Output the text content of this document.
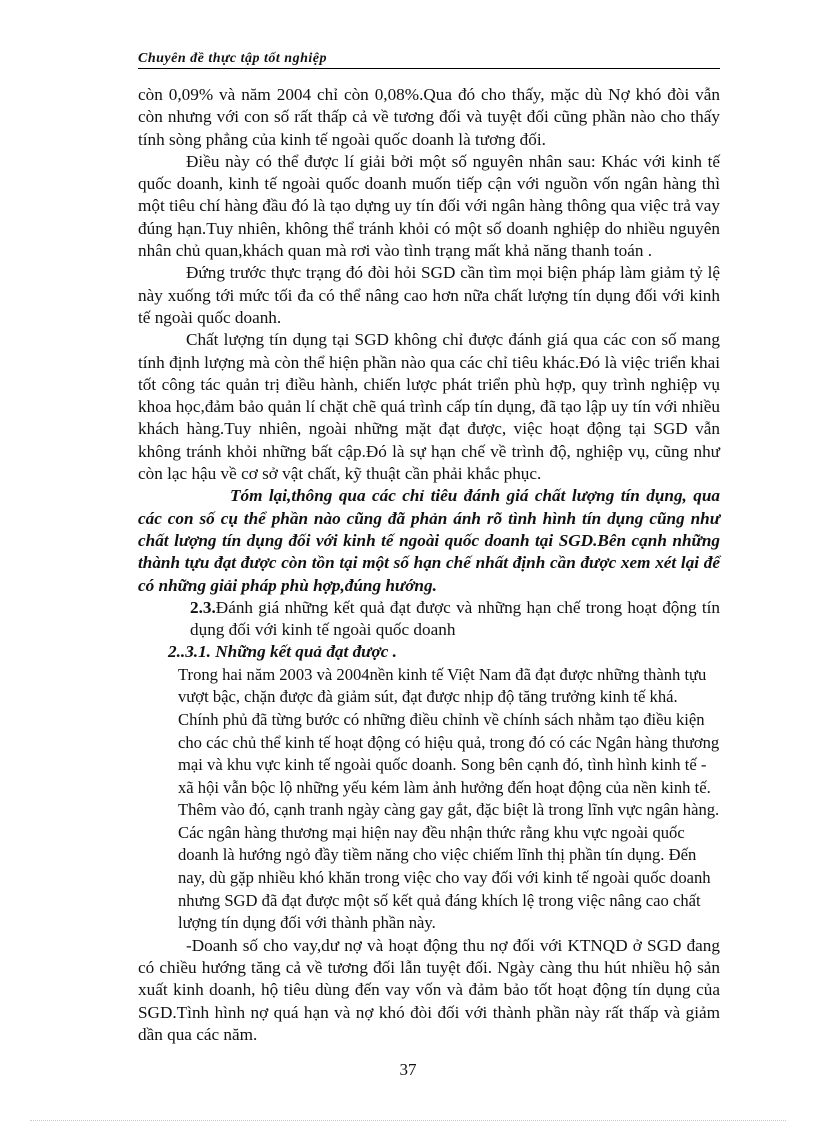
Chuyên đề thực tập tốt nghiệp

còn 0,09% và năm 2004 chỉ còn 0,08%.Qua đó cho thấy, mặc dù Nợ khó đòi vẫn còn nhưng với con số rất thấp cả về tương đối và tuyệt đối cũng phần nào cho thấy tính sòng phẳng của kinh tế ngoài quốc doanh là tương đối.

Điều này có thể được lí giải bởi một số nguyên nhân sau: Khác với kinh tế quốc doanh, kinh tế ngoài quốc doanh muốn tiếp cận với nguồn vốn ngân hàng thì một tiêu chí hàng đầu đó là tạo dựng uy tín đối với ngân hàng thông qua việc trả vay đúng hạn.Tuy nhiên, không thể tránh khỏi có một số doanh nghiệp do nhiều nguyên nhân chủ quan,khách quan mà rơi vào tình trạng mất khả năng thanh toán .

Đứng trước thực trạng đó đòi hỏi SGD cần tìm mọi biện pháp làm giảm tỷ lệ này xuống tới mức tối đa có thể nâng cao hơn nữa chất lượng tín dụng đối với kinh tế ngoài quốc doanh.

Chất lượng tín dụng tại SGD không chỉ được đánh giá qua các con số mang tính định lượng mà còn thể hiện phần nào qua các chỉ tiêu khác.Đó là việc triển khai tốt công tác quản trị điều hành, chiến lược phát triển phù hợp, quy trình nghiệp vụ khoa học,đảm bảo quản lí chặt chẽ quá trình cấp tín dụng, đã tạo lập uy tín với nhiều khách hàng.Tuy nhiên, ngoài những mặt đạt được, việc hoạt động tại SGD vẫn không tránh khỏi những bất cập.Đó là sự hạn chế về trình độ, nghiệp vụ, cũng như còn lạc hậu về cơ sở vật chất, kỹ thuật cần phải khắc phục.

Tóm lại,thông qua các chỉ tiêu đánh giá chất lượng tín dụng, qua các con số cụ thể phần nào cũng đã phản ánh rõ tình hình tín dụng cũng như chất lượng tín dụng đối với kinh tế ngoài quốc doanh tại SGD.Bên cạnh những thành tựu đạt được còn tồn tại một số hạn chế nhất định cần được xem xét lại để có những giải pháp phù hợp,đúng hướng.

2.3.Đánh giá những kết quả đạt được và những hạn chế trong hoạt động tín dụng đối với kinh tế ngoài quốc doanh

2..3.1. Những kết quả đạt được .

Trong hai năm 2003 và 2004nền kinh tế Việt Nam đã đạt được những thành tựu vượt bậc, chặn được đà giảm sút, đạt được nhịp độ tăng trưởng kinh tế khá. Chính phủ đã từng bước có những điều chỉnh về chính sách nhằm tạo điều kiện cho các chủ thể kinh tế hoạt động có hiệu quả, trong đó có các Ngân hàng thương mại và khu vực kinh tế ngoài quốc doanh. Song bên cạnh đó, tình hình kinh tế - xã hội vẫn bộc lộ những yếu kém làm ảnh hưởng đến hoạt động của nền kinh tế. Thêm vào đó, cạnh tranh ngày càng gay gắt, đặc biệt là trong lĩnh vực ngân hàng. Các ngân hàng thương mại hiện nay đều nhận thức rằng khu vực ngoài quốc doanh là hướng ngỏ đầy tiềm năng cho việc chiếm lĩnh thị phần tín dụng. Đến nay, dù gặp nhiều khó khăn trong việc cho vay đối với kinh tế ngoài quốc doanh nhưng SGD đã đạt được một số kết quả đáng khích lệ trong việc nâng cao chất lượng tín dụng đối với thành phần này.

-Doanh số cho vay,dư nợ và hoạt động thu nợ đối với KTNQD ở SGD đang có chiều hướng tăng cả về tương đối lẫn tuyệt đối. Ngày càng thu hút nhiều hộ sản xuất kinh doanh, hộ tiêu dùng đến vay vốn và đảm bảo tốt hoạt động tín dụng của SGD.Tình hình nợ quá hạn và nợ khó đòi đối với thành phần này rất thấp và giảm dần qua các năm.

37
